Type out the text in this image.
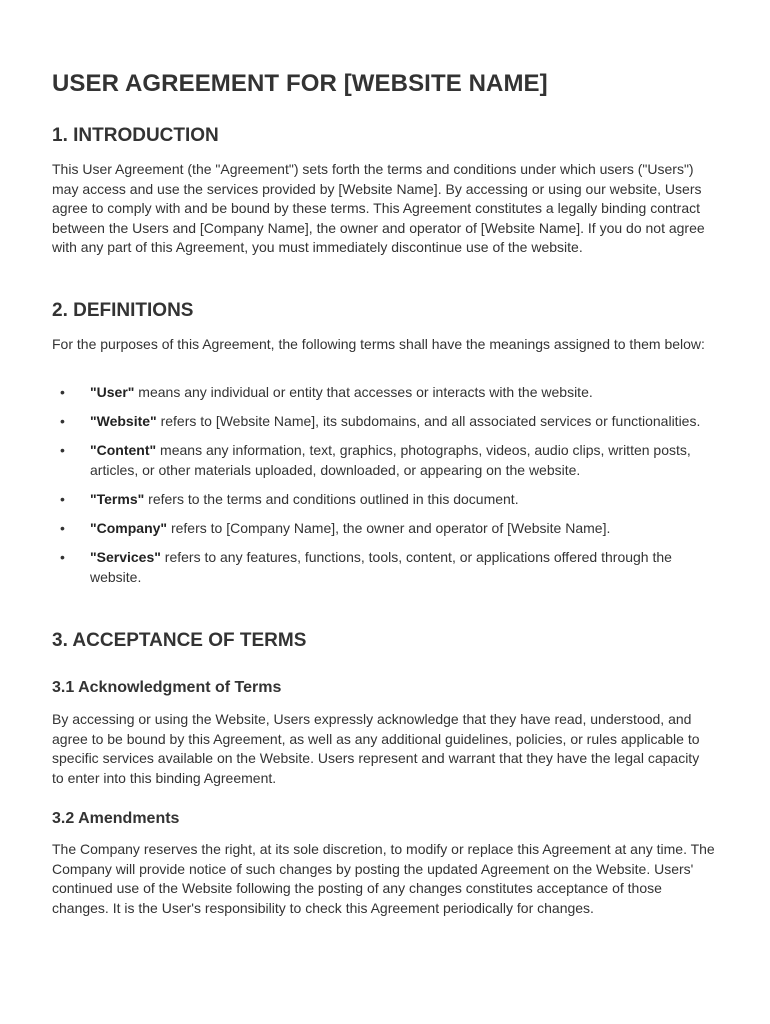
USER AGREEMENT FOR [WEBSITE NAME]
1. INTRODUCTION

This User Agreement (the "Agreement") sets forth the terms and conditions under which users ("Users") may access and use the services provided by [Website Name]. By accessing or using our website, Users agree to comply with and be bound by these terms. This Agreement constitutes a legally binding contract between the Users and [Company Name], the owner and operator of [Website Name]. If you do not agree with any part of this Agreement, you must immediately discontinue use of the website.

2. DEFINITIONS

For the purposes of this Agreement, the following terms shall have the meanings assigned to them below:

• "User" means any individual or entity that accesses or interacts with the website.
• "Website" refers to [Website Name], its subdomains, and all associated services or functionalities.
• "Content" means any information, text, graphics, photographs, videos, audio clips, written posts, articles, or other materials uploaded, downloaded, or appearing on the website.
• "Terms" refers to the terms and conditions outlined in this document.
• "Company" refers to [Company Name], the owner and operator of [Website Name].
• "Services" refers to any features, functions, tools, content, or applications offered through the website.
3. ACCEPTANCE OF TERMS
3.1 Acknowledgment of Terms

By accessing or using the Website, Users expressly acknowledge that they have read, understood, and agree to be bound by this Agreement, as well as any additional guidelines, policies, or rules applicable to specific services available on the Website. Users represent and warrant that they have the legal capacity to enter into this binding Agreement.

3.2 Amendments

The Company reserves the right, at its sole discretion, to modify or replace this Agreement at any time. The Company will provide notice of such changes by posting the updated Agreement on the Website. Users' continued use of the Website following the posting of any changes constitutes acceptance of those changes. It is the User's responsibility to check this Agreement periodically for changes.
